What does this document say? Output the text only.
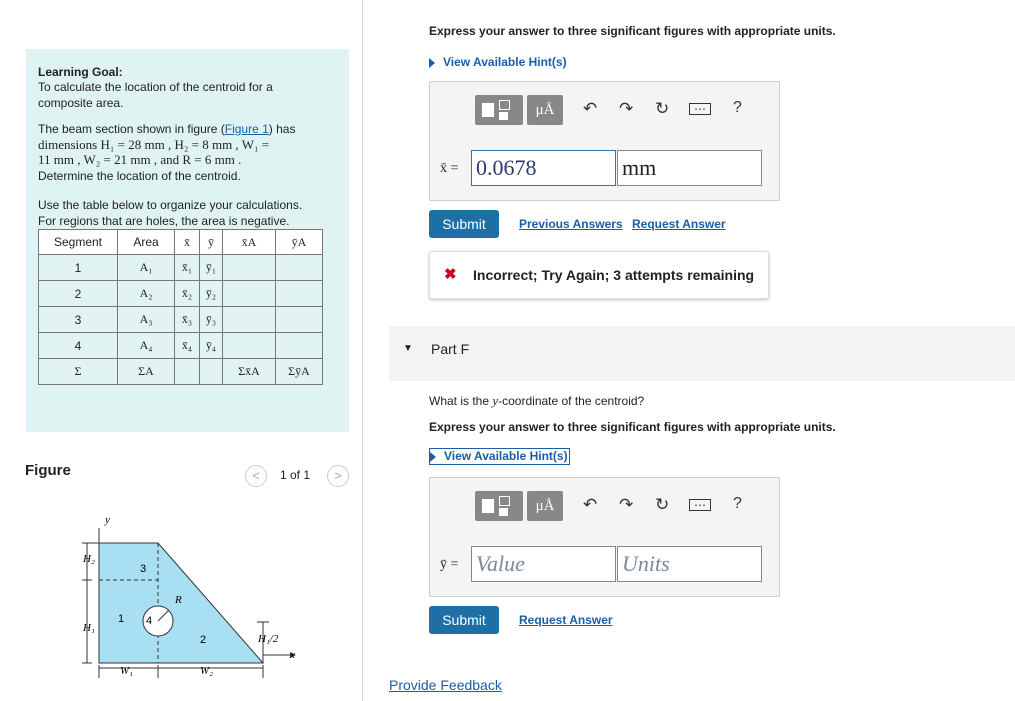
Learning Goal:
To calculate the location of the centroid for a
composite area.
The beam section shown in figure (Figure 1) has
dimensions H₁ = 28 mm , H₂ = 8 mm , W₁ =
11 mm , W₂ = 21 mm , and R = 6 mm .
Determine the location of the centroid.
Use the table below to organize your calculations.
For regions that are holes, the area is negative.
Segment	Area	x̄	ȳ	x̄A	ȳA
1	A₁	x̄₁	ȳ₁		
2	A₂	x̄₂	ȳ₂		
3	A₃	x̄₃	ȳ₃		
4	A₄	x̄₄	ȳ₄		
Σ	ΣA			Σx̄A	ΣȳA
Figure	<	1 of 1	>
y
x
H₂
H₁
H₁/2
W₁	W₂
R
3
1 4
2
Express your answer to three significant figures with appropriate units.
View Available Hint(s)
μÅ	↶ ↷ ↻	⋯	?
x̄ = 0.0678	mm
Submit	Previous Answers Request Answer
✖ Incorrect; Try Again; 3 attempts remaining
▼ Part F
What is the y-coordinate of the centroid?
Express your answer to three significant figures with appropriate units.
View Available Hint(s)
μÅ	↶ ↷ ↻	⋯	?
ȳ = Value	Units
Submit	Request Answer
Provide Feedback
